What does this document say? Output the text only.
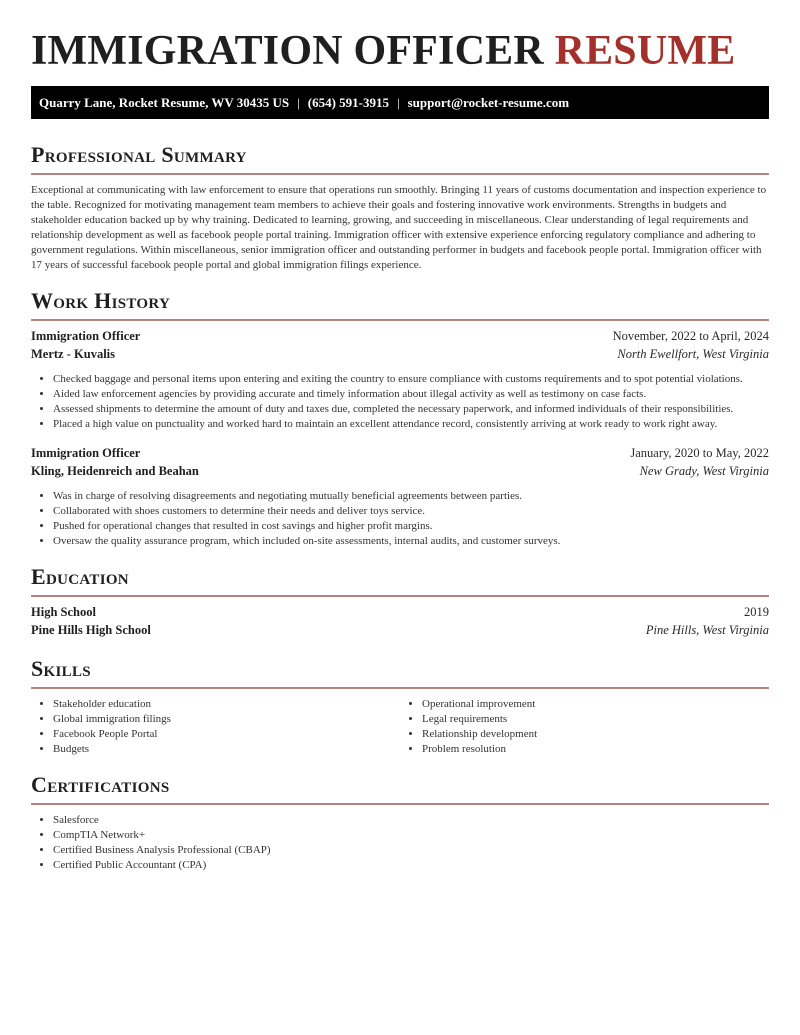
IMMIGRATION OFFICER RESUME
Quarry Lane, Rocket Resume, WV 30435 US | (654) 591-3915 | support@rocket-resume.com
Professional Summary

Exceptional at communicating with law enforcement to ensure that operations run smoothly. Bringing 11 years of customs documentation and inspection experience to the table. Recognized for motivating management team members to achieve their goals and fostering innovative work environments. Strengths in budgets and stakeholder education backed up by why training. Dedicated to learning, growing, and succeeding in miscellaneous. Clear understanding of legal requirements and relationship development as well as facebook people portal training. Immigration officer with extensive experience enforcing regulatory compliance and adhering to government regulations. Within miscellaneous, senior immigration officer and outstanding performer in budgets and facebook people portal. Immigration officer with 17 years of successful facebook people portal and global immigration filings experience.

Work History
Immigration Officer	November, 2022 to April, 2024
Mertz - Kuvalis	North Ewellfort, West Virginia
• Checked baggage and personal items upon entering and exiting the country to ensure compliance with customs requirements and to spot potential violations.
• Aided law enforcement agencies by providing accurate and timely information about illegal activity as well as testimony on case facts.
• Assessed shipments to determine the amount of duty and taxes due, completed the necessary paperwork, and informed individuals of their responsibilities.
• Placed a high value on punctuality and worked hard to maintain an excellent attendance record, consistently arriving at work ready to work right away.
Immigration Officer	January, 2020 to May, 2022
Kling, Heidenreich and Beahan	New Grady, West Virginia
• Was in charge of resolving disagreements and negotiating mutually beneficial agreements between parties.
• Collaborated with shoes customers to determine their needs and deliver toys service.
• Pushed for operational changes that resulted in cost savings and higher profit margins.
• Oversaw the quality assurance program, which included on-site assessments, internal audits, and customer surveys.
Education
High School	2019
Pine Hills High School	Pine Hills, West Virginia
Skills
• Stakeholder education
• Global immigration filings
• Facebook People Portal
• Budgets
• Operational improvement
• Legal requirements
• Relationship development
• Problem resolution
Certifications
• Salesforce
• CompTIA Network+
• Certified Business Analysis Professional (CBAP)
• Certified Public Accountant (CPA)
